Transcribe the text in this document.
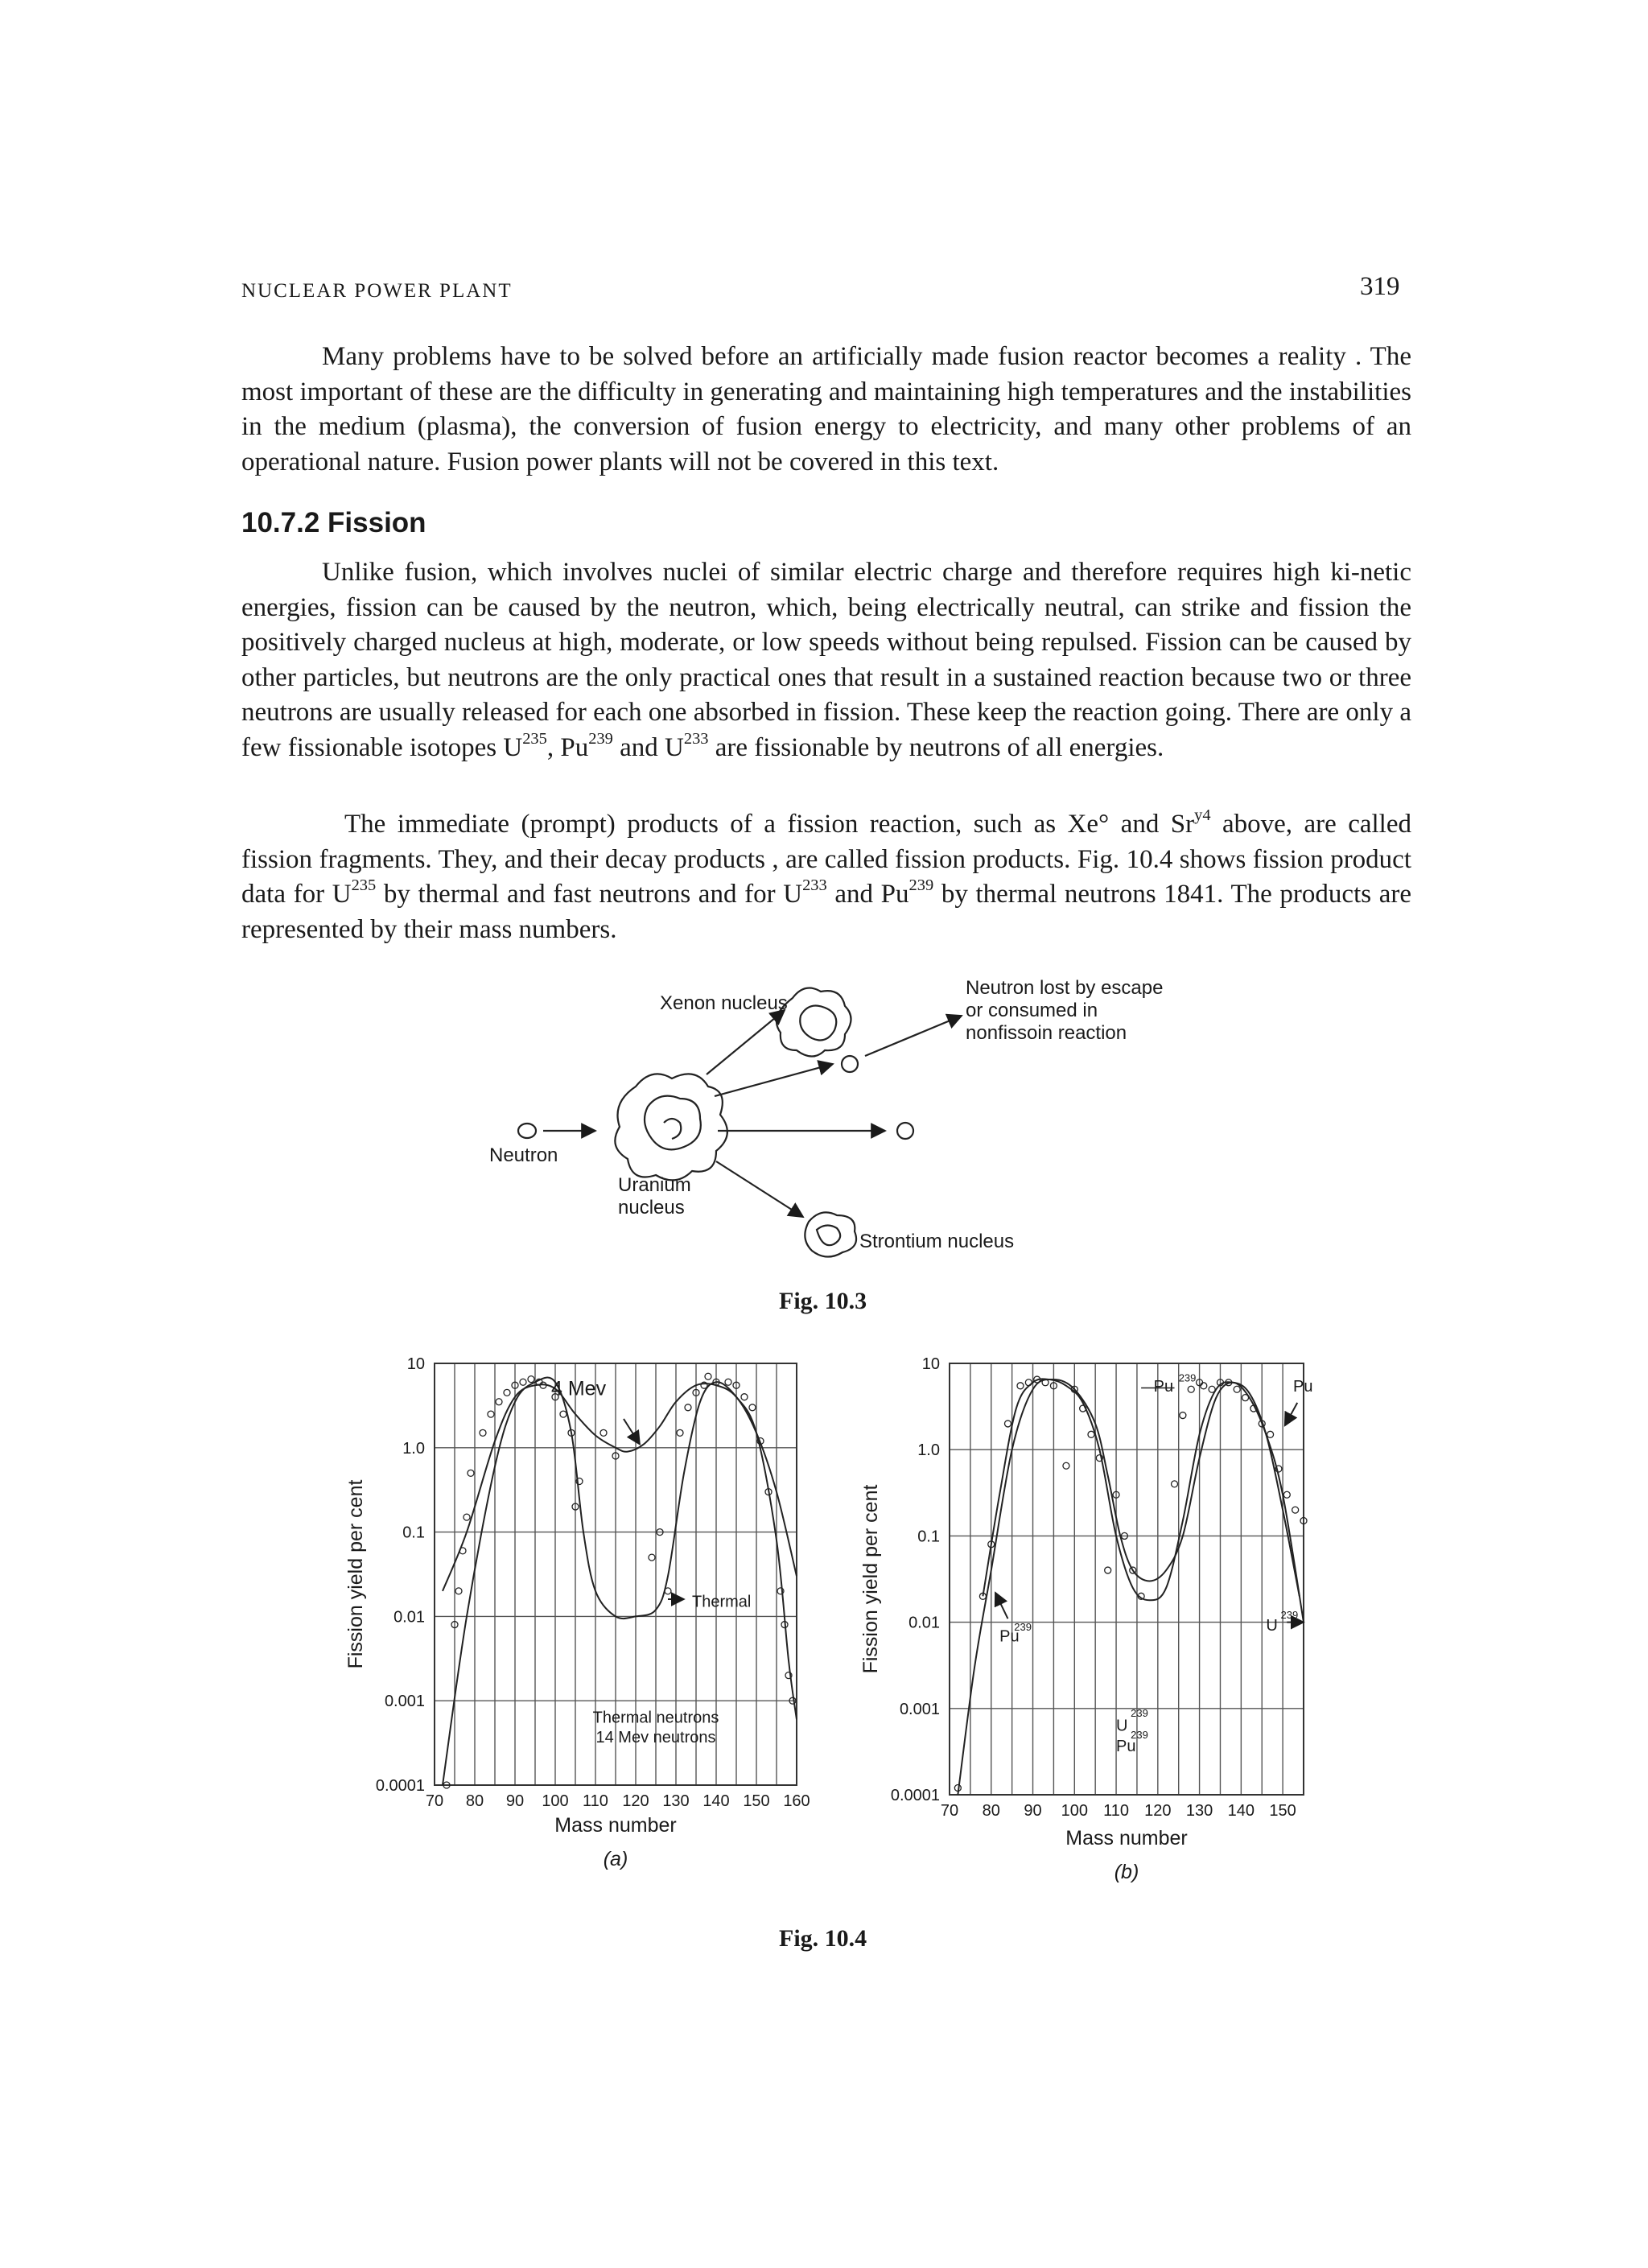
NUCLEAR POWER PLANT	319

Many problems have to be solved before an artificially made fusion reactor becomes a reality . The most important of these are the difficulty in generating and maintaining high temperatures and the instabilities in the medium (plasma), the conversion of fusion energy to electricity, and many other problems of an operational nature. Fusion power plants will not be covered in this text.

10.7.2 Fission

Unlike fusion, which involves nuclei of similar electric charge and therefore requires high ki-netic energies, fission can be caused by the neutron, which, being electrically neutral, can strike and fission the positively charged nucleus at high, moderate, or low speeds without being repulsed. Fission can be caused by other particles, but neutrons are the only practical ones that result in a sustained reaction because two or three neutrons are usually released for each one absorbed in fission. These keep the reaction going. There are only a few fissionable isotopes $U^{235}$, Pu$^{239}$ and $U^{233}$ are fissionable by neutrons of all energies.

The immediate (prompt) products of a fission reaction, such as Xe° and $Sr^{y4}$ above, are called fission fragments. They, and their decay products , are called fission products. Fig. 10.4 shows fission product data for $U^{235}$ by thermal and fast neutrons and for $U^{233}$ and Pu$^{239}$ by thermal neutrons 1841. The products are represented by their mass numbers.

Xenon nucleus
Neutron lost by escape
or consumed in
nonfissoin reaction
Neutron
Uranium
nucleus
Strontium nucleus
Fig. 10.3
10
1.0
0.1
0.01
0.001
0.0001
70 80 90 100 110 120 130 140 150 160
Mass number
Fission yield per cent
(a)
4 Mev
Thermal
Thermal neutrons
14 Mev neutrons
10
1.0
0.1
0.01
0.001
0.0001
70 80 90 100 110 120 130 140 150
Mass number
Fission yield per cent
(b)
Pu
239
Pu
Pu
239	U
239
U
239
Pu
239
Fig. 10.4
